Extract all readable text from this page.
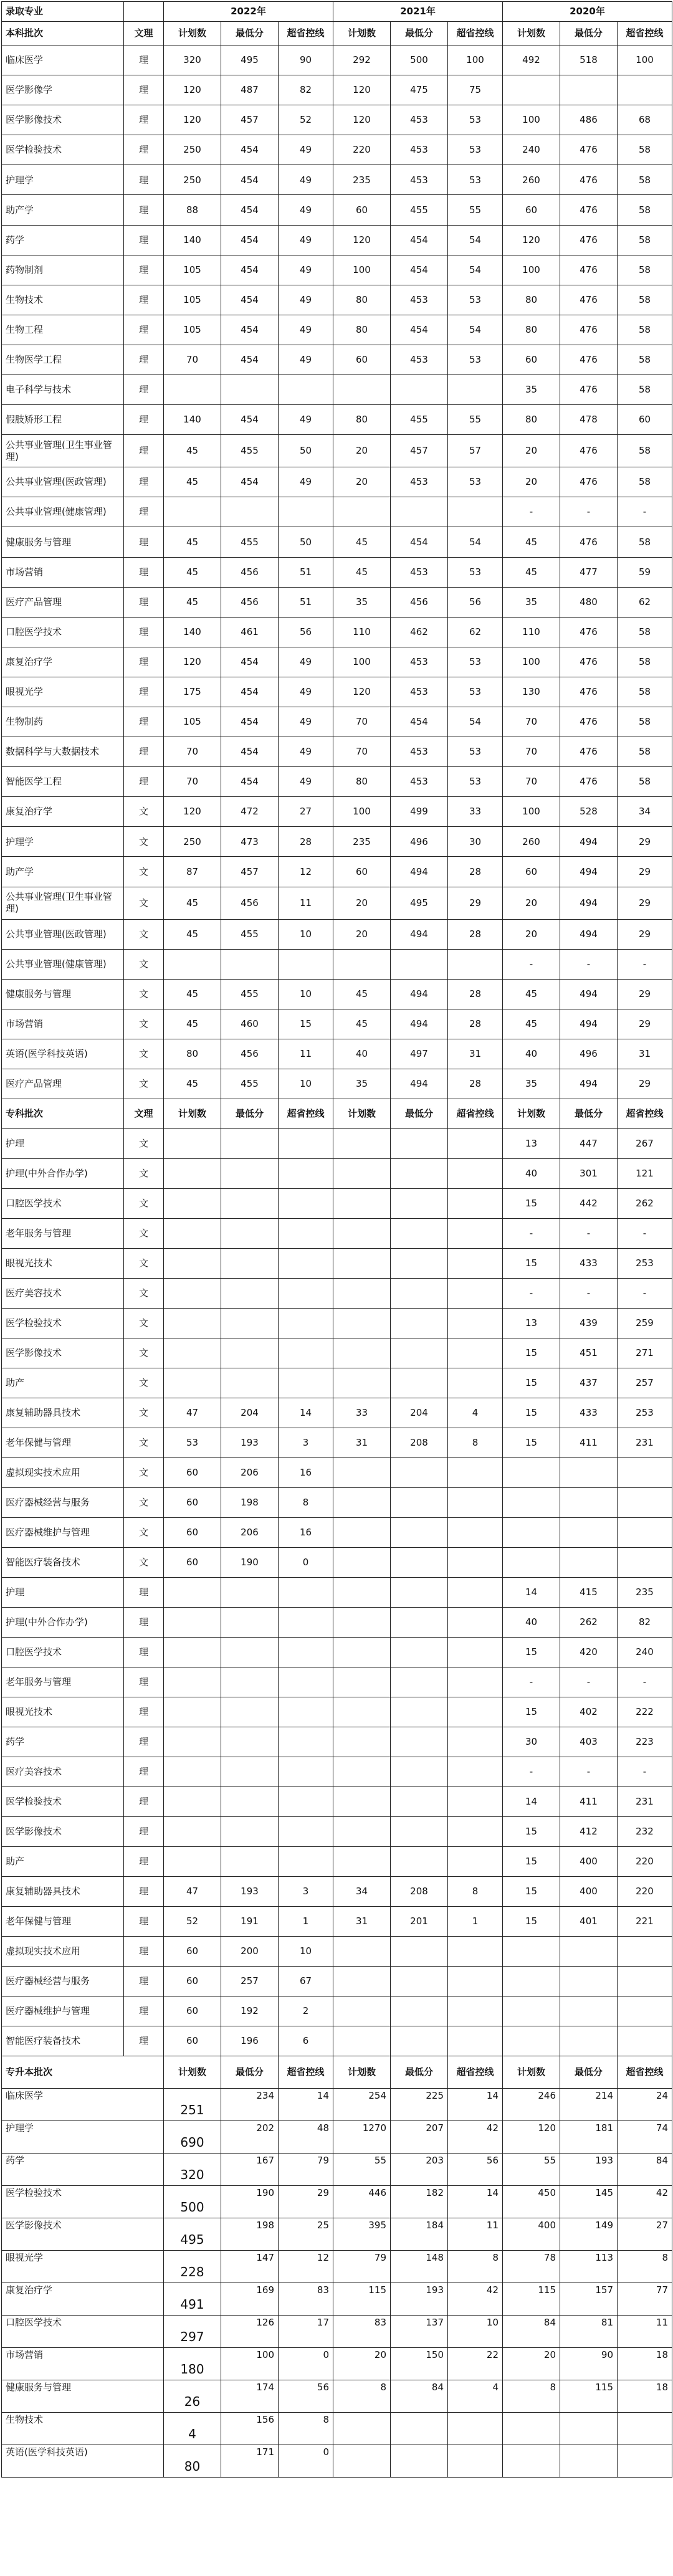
录取专业		2022年			2021年			2020年		
本科批次	文理	计划数	最低分	超省控线	计划数	最低分	超省控线	计划数	最低分	超省控线
临床医学	理	320	495	90	292	500	100	492	518	100
医学影像学	理	120	487	82	120	475	75			
医学影像技术	理	120	457	52	120	453	53	100	486	68
医学检验技术	理	250	454	49	220	453	53	240	476	58
护理学	理	250	454	49	235	453	53	260	476	58
助产学	理	88	454	49	60	455	55	60	476	58
药学	理	140	454	49	120	454	54	120	476	58
药物制剂	理	105	454	49	100	454	54	100	476	58
生物技术	理	105	454	49	80	453	53	80	476	58
生物工程	理	105	454	49	80	454	54	80	476	58
生物医学工程	理	70	454	49	60	453	53	60	476	58
电子科学与技术	理							35	476	58
假肢矫形工程	理	140	454	49	80	455	55	80	478	60
公共事业管理(卫生事业管理)	理	45	455	50	20	457	57	20	476	58
公共事业管理(医政管理)	理	45	454	49	20	453	53	20	476	58
公共事业管理(健康管理)	理							-	-	-
健康服务与管理	理	45	455	50	45	454	54	45	476	58
市场营销	理	45	456	51	45	453	53	45	477	59
医疗产品管理	理	45	456	51	35	456	56	35	480	62
口腔医学技术	理	140	461	56	110	462	62	110	476	58
康复治疗学	理	120	454	49	100	453	53	100	476	58
眼视光学	理	175	454	49	120	453	53	130	476	58
生物制药	理	105	454	49	70	454	54	70	476	58
数据科学与大数据技术	理	70	454	49	70	453	53	70	476	58
智能医学工程	理	70	454	49	80	453	53	70	476	58
康复治疗学	文	120	472	27	100	499	33	100	528	34
护理学	文	250	473	28	235	496	30	260	494	29
助产学	文	87	457	12	60	494	28	60	494	29
公共事业管理(卫生事业管理)	文	45	456	11	20	495	29	20	494	29
公共事业管理(医政管理)	文	45	455	10	20	494	28	20	494	29
公共事业管理(健康管理)	文							-	-	-
健康服务与管理	文	45	455	10	45	494	28	45	494	29
市场营销	文	45	460	15	45	494	28	45	494	29
英语(医学科技英语)	文	80	456	11	40	497	31	40	496	31
医疗产品管理	文	45	455	10	35	494	28	35	494	29
专科批次	文理	计划数	最低分	超省控线	计划数	最低分	超省控线	计划数	最低分	超省控线
护理	文							13	447	267
护理(中外合作办学)	文							40	301	121
口腔医学技术	文							15	442	262
老年服务与管理	文							-	-	-
眼视光技术	文							15	433	253
医疗美容技术	文							-	-	-
医学检验技术	文							13	439	259
医学影像技术	文							15	451	271
助产	文							15	437	257
康复辅助器具技术	文	47	204	14	33	204	4	15	433	253
老年保健与管理	文	53	193	3	31	208	8	15	411	231
虚拟现实技术应用	文	60	206	16						
医疗器械经营与服务	文	60	198	8						
医疗器械维护与管理	文	60	206	16						
智能医疗装备技术	文	60	190	0						
护理	理							14	415	235
护理(中外合作办学)	理							40	262	82
口腔医学技术	理							15	420	240
老年服务与管理	理							-	-	-
眼视光技术	理							15	402	222
药学	理							30	403	223
医疗美容技术	理							-	-	-
医学检验技术	理							14	411	231
医学影像技术	理							15	412	232
助产	理							15	400	220
康复辅助器具技术	理	47	193	3	34	208	8	15	400	220
老年保健与管理	理	52	191	1	31	201	1	15	401	221
虚拟现实技术应用	理	60	200	10						
医疗器械经营与服务	理	60	257	67						
医疗器械维护与管理	理	60	192	2						
智能医疗装备技术	理	60	196	6						
专升本批次		计划数	最低分	超省控线	计划数	最低分	超省控线	计划数	最低分	超省控线
临床医学		251	234	14	254	225	14	246	214	24
护理学		690	202	48	1270	207	42	120	181	74
药学		320	167	79	55	203	56	55	193	84
医学检验技术		500	190	29	446	182	14	450	145	42
医学影像技术		495	198	25	395	184	11	400	149	27
眼视光学		228	147	12	79	148	8	78	113	8
康复治疗学		491	169	83	115	193	42	115	157	77
口腔医学技术		297	126	17	83	137	10	84	81	11
市场营销		180	100	0	20	150	22	20	90	18
健康服务与管理		26	174	56	8	84	4	8	115	18
生物技术		4	156	8						
英语(医学科技英语)		80	171	0						
